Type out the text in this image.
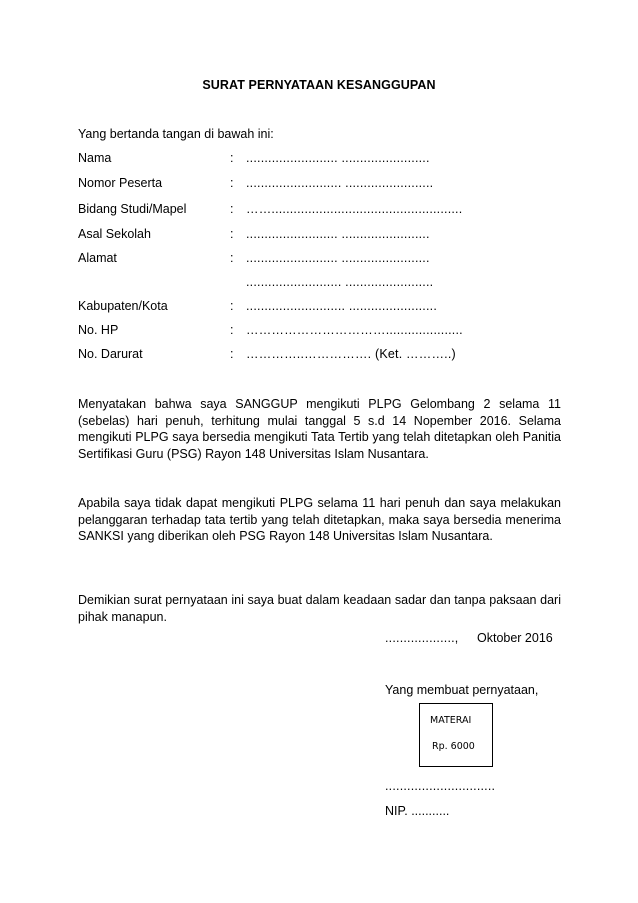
SURAT PERNYATAAN KESANGGUPAN
Yang bertanda tangan di bawah ini:
Nama	: ......................... ........................
Nomor Peserta	: .......................... ........................
Bidang Studi/Mapel	: ……....................................................
Asal Sekolah	: ......................... ........................
Alamat	: ......................... ........................
.......................... ........................
Kabupaten/Kota	: ........................... ........................
No. HP	: …………………………….....................
No. Darurat	: …………..……………. (Ket. ………..)
Menyatakan bahwa saya SANGGUP mengikuti PLPG Gelombang 2 selama 11 (sebelas) hari penuh, terhitung mulai tanggal 5 s.d 14 Nopember 2016. Selama mengikuti PLPG saya bersedia mengikuti Tata Tertib yang telah ditetapkan oleh Panitia Sertifikasi Guru (PSG) Rayon 148 Universitas Islam Nusantara.
Apabila saya tidak dapat mengikuti PLPG selama 11 hari penuh dan saya melakukan pelanggaran terhadap tata tertib yang telah ditetapkan, maka saya bersedia menerima SANKSI yang diberikan oleh PSG Rayon 148 Universitas Islam Nusantara.
Demikian surat pernyataan ini saya buat dalam keadaan sadar dan tanpa paksaan dari pihak manapun.
..................., Oktober 2016
Yang membuat pernyataan,
MATERAI
Rp. 6000
..............................
NIP. ...........
